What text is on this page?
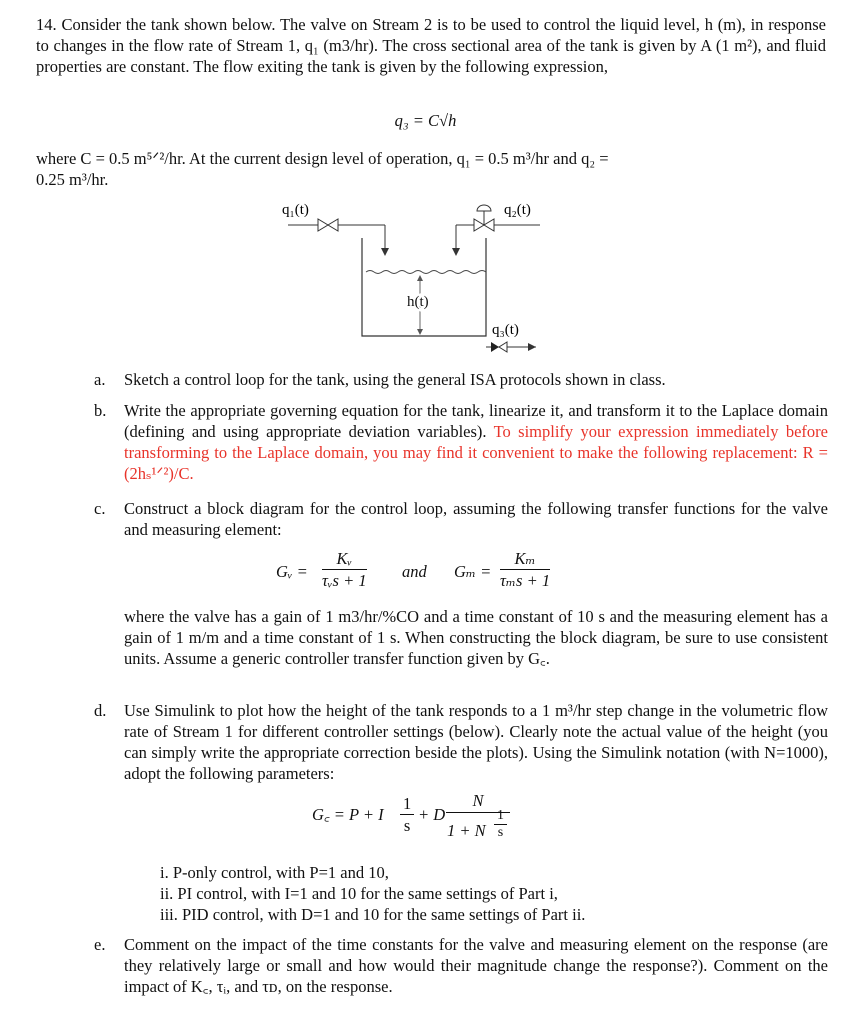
14. Consider the tank shown below. The valve on Stream 2 is to be used to control the liquid level, h (m), in response to changes in the flow rate of Stream 1, q₁ (m3/hr). The cross sectional area of the tank is given by A (1 m²), and fluid properties are constant. The flow exiting the tank is given by the following expression,
q₃ = C√h
where C = 0.5 m⁵ᐟ²/hr. At the current design level of operation, q₁ = 0.5 m³/hr and q₂ =
0.25 m³/hr.
q₁(t)	q₂(t)
h(t)
q₃(t)
a.	Sketch a control loop for the tank, using the general ISA protocols shown in class.
b.	Write the appropriate governing equation for the tank, linearize it, and transform it to the Laplace domain (defining and using appropriate deviation variables). To simplify your expression immediately before transforming to the Laplace domain, you may find it convenient to make the following replacement: R = (2hₛ¹ᐟ²)/C.
c.	Construct a block diagram for the control loop, assuming the following transfer functions for the valve and measuring element:
Gᵥ =
Kᵥ
τᵥs + 1 and Gₘ =
Kₘ
τₘs + 1
where the valve has a gain of 1 m3/hr/%CO and a time constant of 10 s and the measuring element has a gain of 1 m/m and a time constant of 1 s. When constructing the block diagram, be sure to use consistent units. Assume a generic controller transfer function given by G꜀.
d.	Use Simulink to plot how the height of the tank responds to a 1 m³/hr step change in the volumetric flow rate of Stream 1 for different controller settings (below). Clearly note the actual value of the height (you can simply write the appropriate correction beside the plots). Using the Simulink notation (with N=1000), adopt the following parameters:
G꜀ = P + I $\frac{1}{s} + D$
N
1 + N $\frac{1}{s}$
i. P-only control, with P=1 and 10,
ii. PI control, with I=1 and 10 for the same settings of Part i,
iii. PID control, with D=1 and 10 for the same settings of Part ii.
e.	Comment on the impact of the time constants for the valve and measuring element on the response (are they relatively large or small and how would their magnitude change the response?). Comment on the impact of K꜀, τᵢ, and τᴅ, on the response.
